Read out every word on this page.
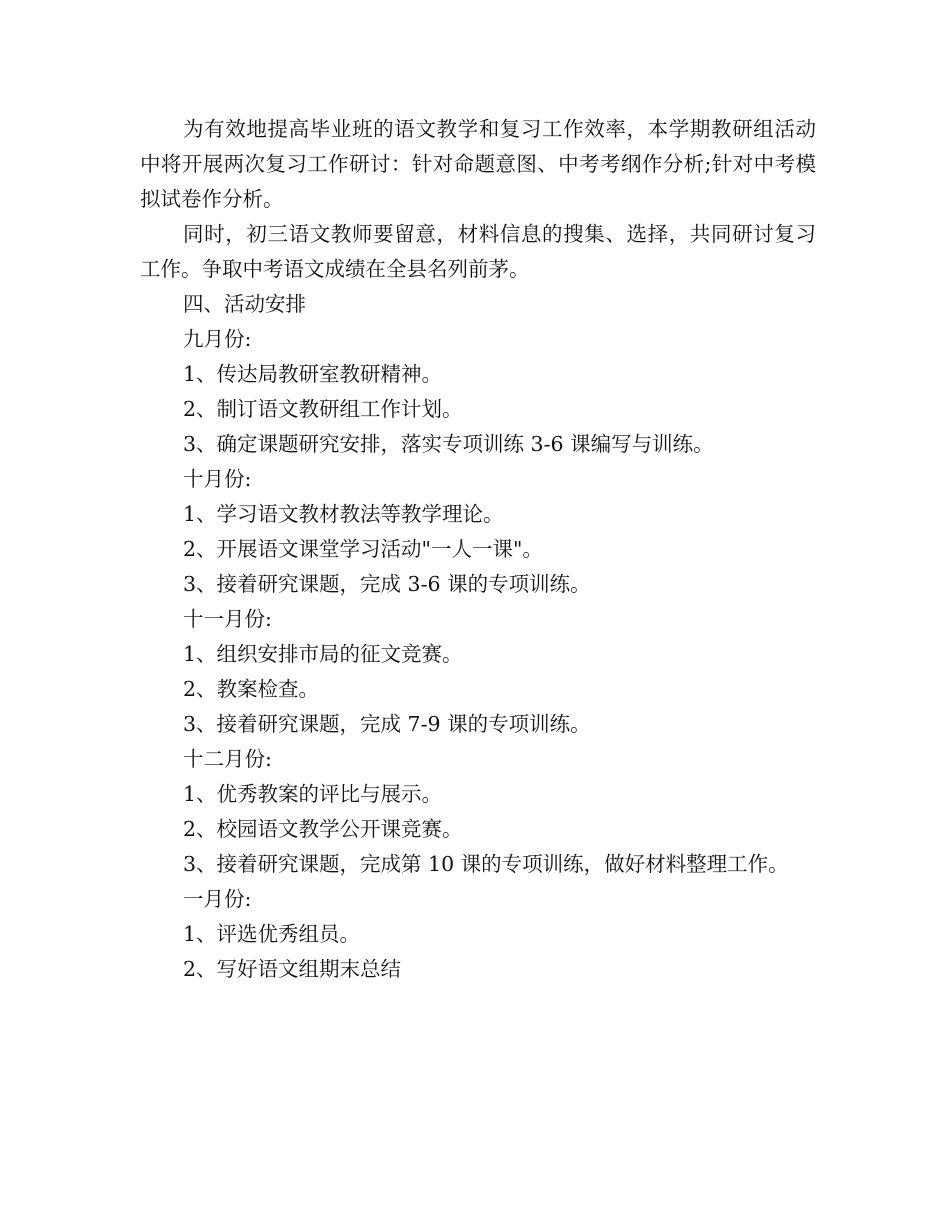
为有效地提高毕业班的语文教学和复习工作效率，本学期教研组活动中将开展两次复习工作研讨：针对命题意图、中考考纲作分析;针对中考模拟试卷作分析。

同时，初三语文教师要留意，材料信息的搜集、选择，共同研讨复习工作。争取中考语文成绩在全县名列前茅。

四、活动安排

九月份:

1、传达局教研室教研精神。

2、制订语文教研组工作计划。

3、确定课题研究安排，落实专项训练 3-6 课编写与训练。

十月份:

1、学习语文教材教法等教学理论。

2、开展语文课堂学习活动"一人一课"。

3、接着研究课题，完成 3-6 课的专项训练。

十一月份:

1、组织安排市局的征文竞赛。

2、教案检查。

3、接着研究课题，完成 7-9 课的专项训练。

十二月份:

1、优秀教案的评比与展示。

2、校园语文教学公开课竞赛。

3、接着研究课题，完成第 10 课的专项训练，做好材料整理工作。

一月份:

1、评选优秀组员。

2、写好语文组期末总结
